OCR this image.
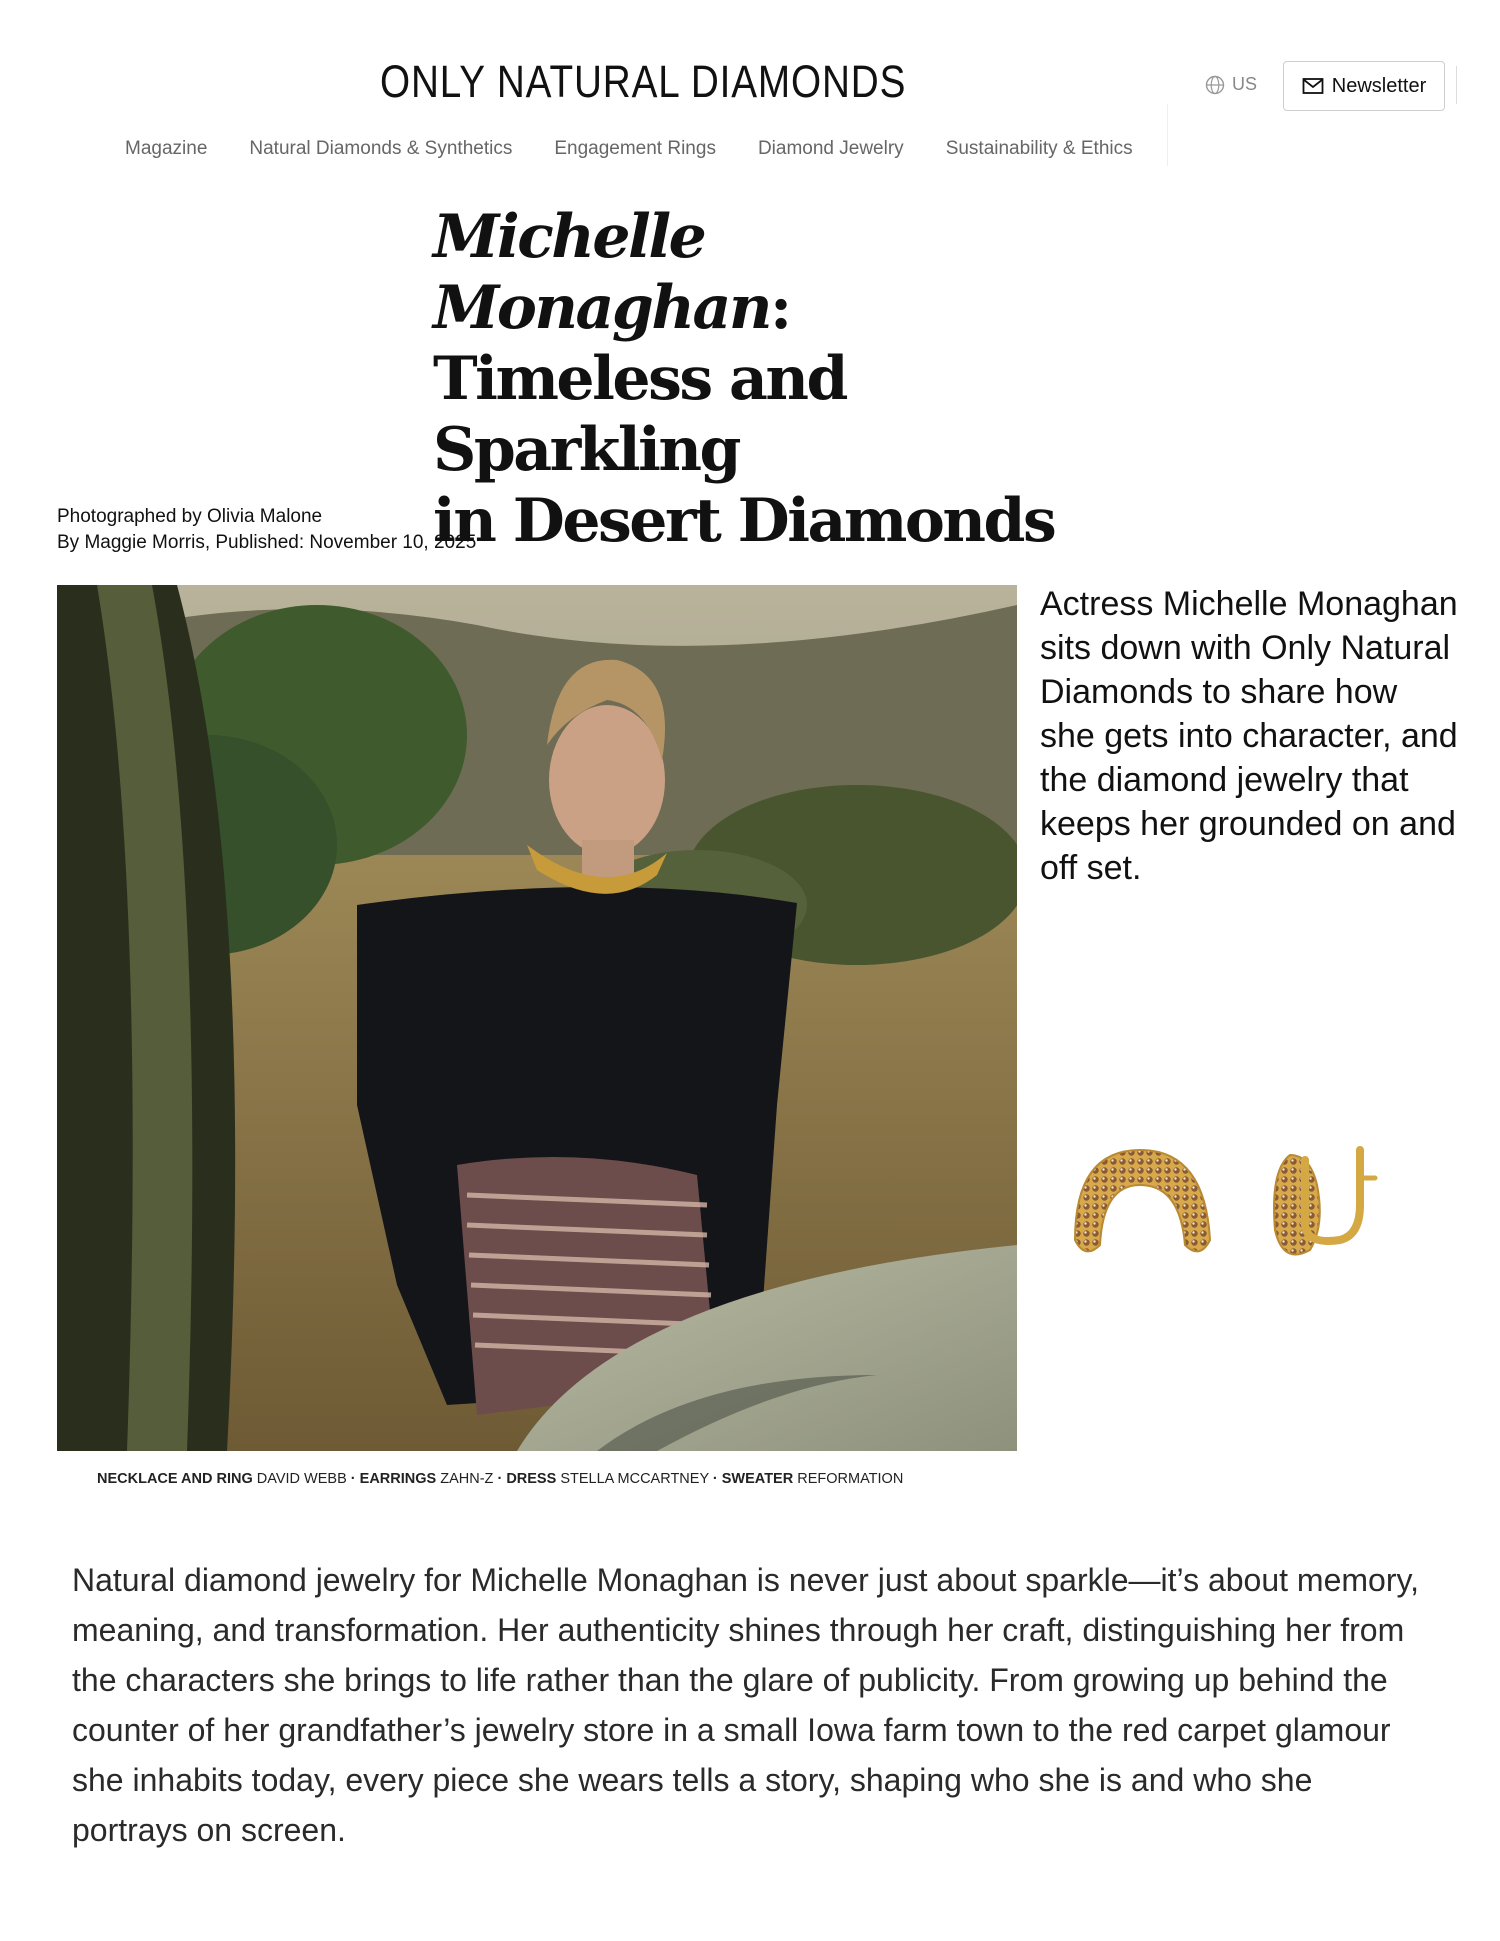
ONLY NATURAL DIAMONDS	US	Newsletter
Magazine Natural Diamonds & Synthetics Engagement Rings Diamond Jewelry Sustainability & Ethics
Michelle Monaghan:
Timeless and Sparkling
in Desert Diamonds
Photographed by Olivia Malone
By Maggie Morris, Published: November 10, 2025

Actress Michelle Monaghan sits down with Only Natural Diamonds to share how she gets into character, and the diamond jewelry that keeps her grounded on and off set.

NECKLACE AND RING DAVID WEBB · EARRINGS ZAHN-Z · DRESS STELLA MCCARTNEY · SWEATER REFORMATION

Natural diamond jewelry for Michelle Monaghan is never just about sparkle—it’s about memory, meaning, and transformation. Her authenticity shines through her craft, distinguishing her from the characters she brings to life rather than the glare of publicity. From growing up behind the counter of her grandfather’s jewelry store in a small Iowa farm town to the red carpet glamour she inhabits today, every piece she wears tells a story, shaping who she is and who she portrays on screen.
